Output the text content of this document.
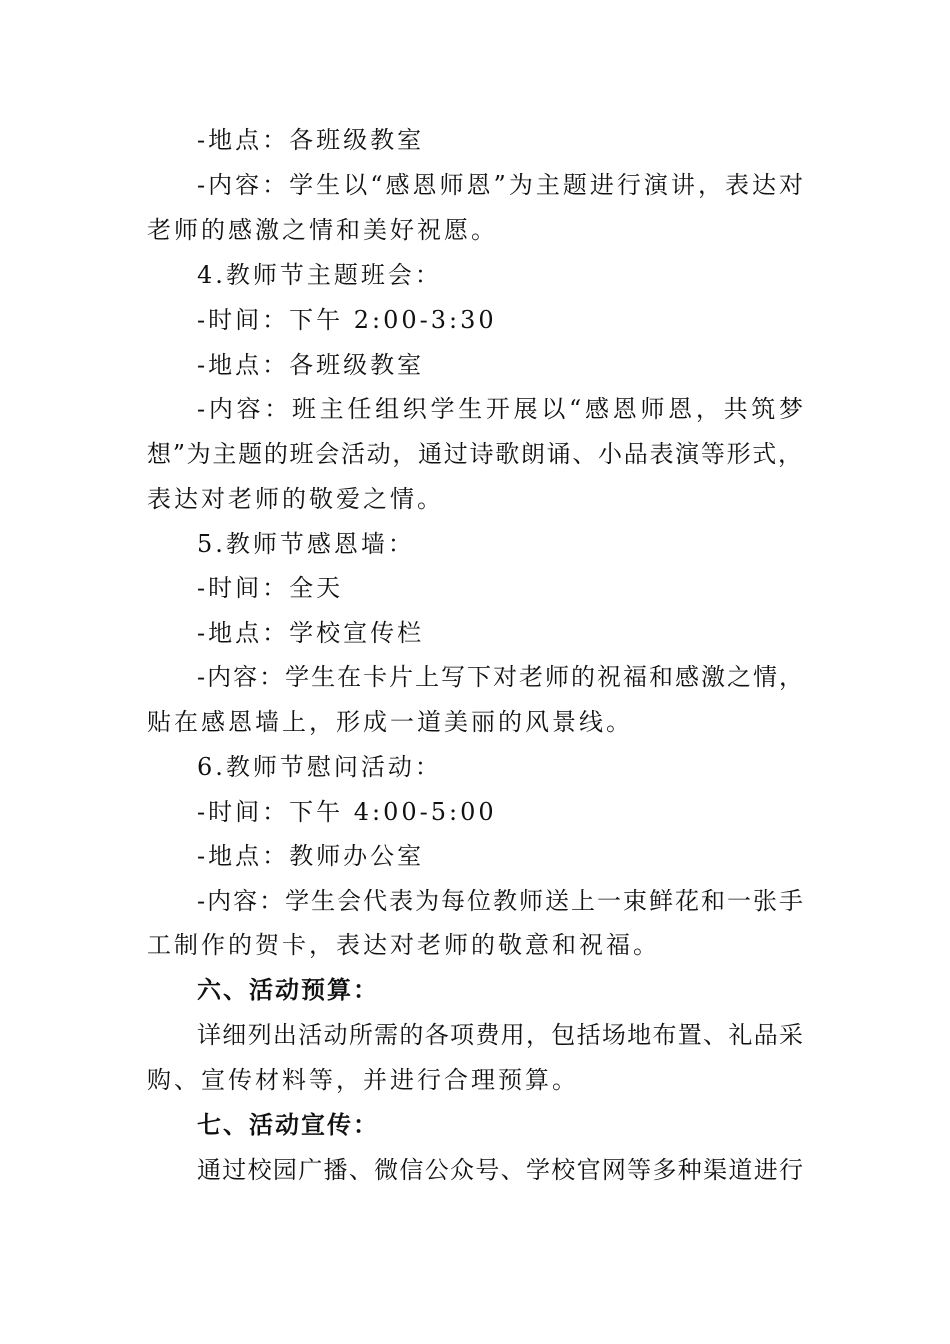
-地点：各班级教室
-内容：学生以“感恩师恩”为主题进行演讲，表达对
老师的感激之情和美好祝愿。
4.教师节主题班会：
-时间：下午 2:00-3:30
-地点：各班级教室
-内容：班主任组织学生开展以“感恩师恩，共筑梦
想”为主题的班会活动，通过诗歌朗诵、小品表演等形式，
表达对老师的敬爱之情。
5.教师节感恩墙：
-时间：全天
-地点：学校宣传栏
-内容：学生在卡片上写下对老师的祝福和感激之情，
贴在感恩墙上，形成一道美丽的风景线。
6.教师节慰问活动：
-时间：下午 4:00-5:00
-地点：教师办公室
-内容：学生会代表为每位教师送上一束鲜花和一张手
工制作的贺卡，表达对老师的敬意和祝福。
六、活动预算：
详细列出活动所需的各项费用，包括场地布置、礼品采
购、宣传材料等，并进行合理预算。
七、活动宣传：
通过校园广播、微信公众号、学校官网等多种渠道进行
